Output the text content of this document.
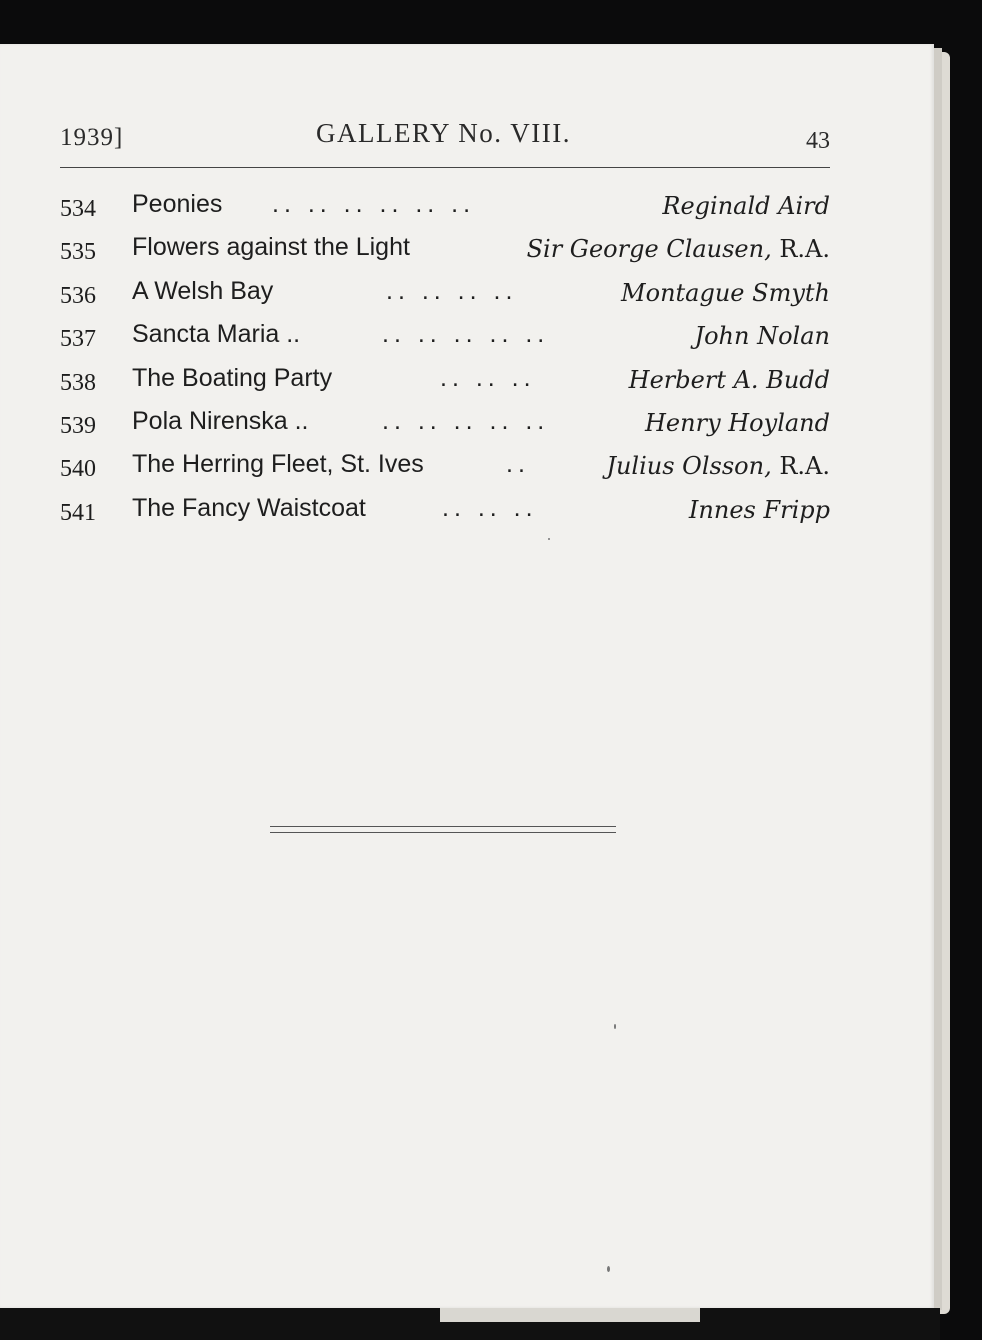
1939]	GALLERY No. VIII.	43
534 Peonies .. .. .. .. .. ..	Reginald Aird
535 Flowers against the Light	Sir George Clausen, R.A.
536 A Welsh Bay	.. .. .. ..	Montague Smyth
537 Sancta Maria ..	.. .. .. .. ..	John Nolan
538 The Boating Party	.. .. ..	Herbert A. Budd
539 Pola Nirenska ..	.. .. .. .. ..	Henry Hoyland
540 The Herring Fleet, St. Ives	..	Julius Olsson, R.A.
541 The Fancy Waistcoat	.. .. ..	Innes Fripp
